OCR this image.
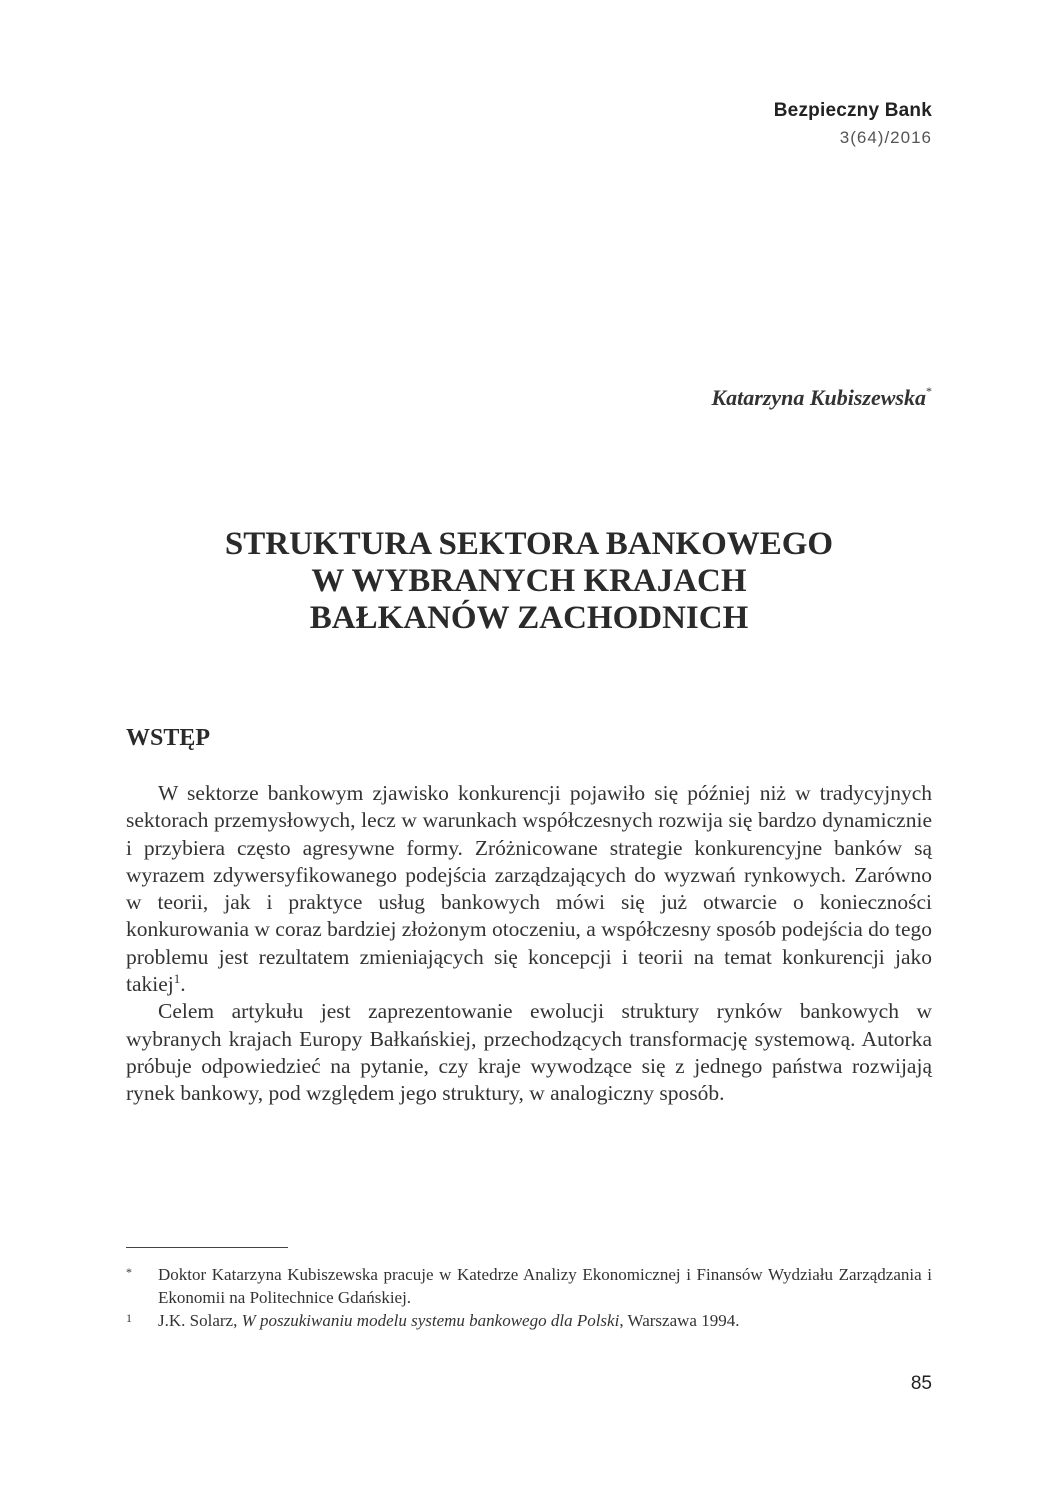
Bezpieczny Bank
3(64)/2016
Katarzyna Kubiszewska*
STRUKTURA SEKTORA BANKOWEGO
W WYBRANYCH KRAJACH
BAŁKANÓW ZACHODNICH
WSTĘP

W sektorze bankowym zjawisko konkurencji pojawiło się później niż w tradycyjnych sektorach przemysłowych, lecz w warunkach współczesnych rozwija się bardzo dynamicznie i przybiera często agresywne formy. Zróżnicowane strategie konkurencyjne banków są wyrazem zdywersyfikowanego podejścia zarządzających do wyzwań rynkowych. Zarówno w teorii, jak i praktyce usług bankowych mówi się już otwarcie o konieczności konkurowania w coraz bardziej złożonym otoczeniu, a współczesny sposób podejścia do tego problemu jest rezultatem zmieniających się koncepcji i teorii na temat konkurencji jako takiej$^1$.

Celem artykułu jest zaprezentowanie ewolucji struktury rynków bankowych w wybranych krajach Europy Bałkańskiej, przechodzących transformację systemową. Autorka próbuje odpowiedzieć na pytanie, czy kraje wywodzące się z jednego państwa rozwijają rynek bankowy, pod względem jego struktury, w analogiczny sposób.

* Doktor Katarzyna Kubiszewska pracuje w Katedrze Analizy Ekonomicznej i Finansów Wydziału Zarządzania i Ekonomii na Politechnice Gdańskiej.
1 J.K. Solarz, W poszukiwaniu modelu systemu bankowego dla Polski, Warszawa 1994.
85
